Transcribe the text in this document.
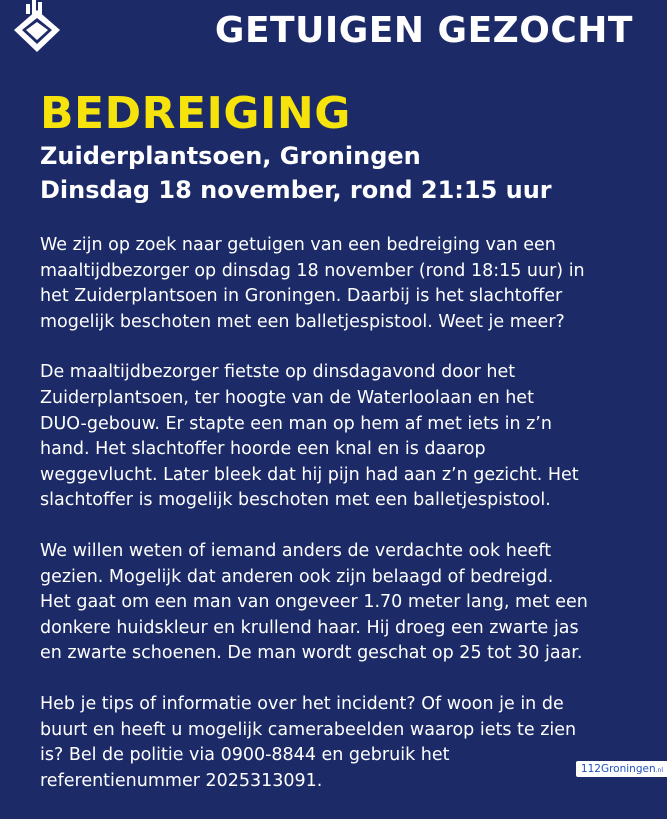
GETUIGEN GEZOCHT
BEDREIGING
Zuiderplantsoen, Groningen
Dinsdag 18 november, rond 21:15 uur
We zijn op zoek naar getuigen van een bedreiging van een
maaltijdbezorger op dinsdag 18 november (rond 18:15 uur) in
het Zuiderplantsoen in Groningen. Daarbij is het slachtoffer
mogelijk beschoten met een balletjespistool. Weet je meer?
De maaltijdbezorger fietste op dinsdagavond door het
Zuiderplantsoen, ter hoogte van de Waterloolaan en het
DUO-gebouw. Er stapte een man op hem af met iets in z’n
hand. Het slachtoffer hoorde een knal en is daarop
weggevlucht. Later bleek dat hij pijn had aan z’n gezicht. Het
slachtoffer is mogelijk beschoten met een balletjespistool.
We willen weten of iemand anders de verdachte ook heeft
gezien. Mogelijk dat anderen ook zijn belaagd of bedreigd.
Het gaat om een man van ongeveer 1.70 meter lang, met een
donkere huidskleur en krullend haar. Hij droeg een zwarte jas
en zwarte schoenen. De man wordt geschat op 25 tot 30 jaar.
Heb je tips of informatie over het incident? Of woon je in de
buurt en heeft u mogelijk camerabeelden waarop iets te zien
is? Bel de politie via 0900-8844 en gebruik het
referentienummer 2025313091.
112Groningen.nl
